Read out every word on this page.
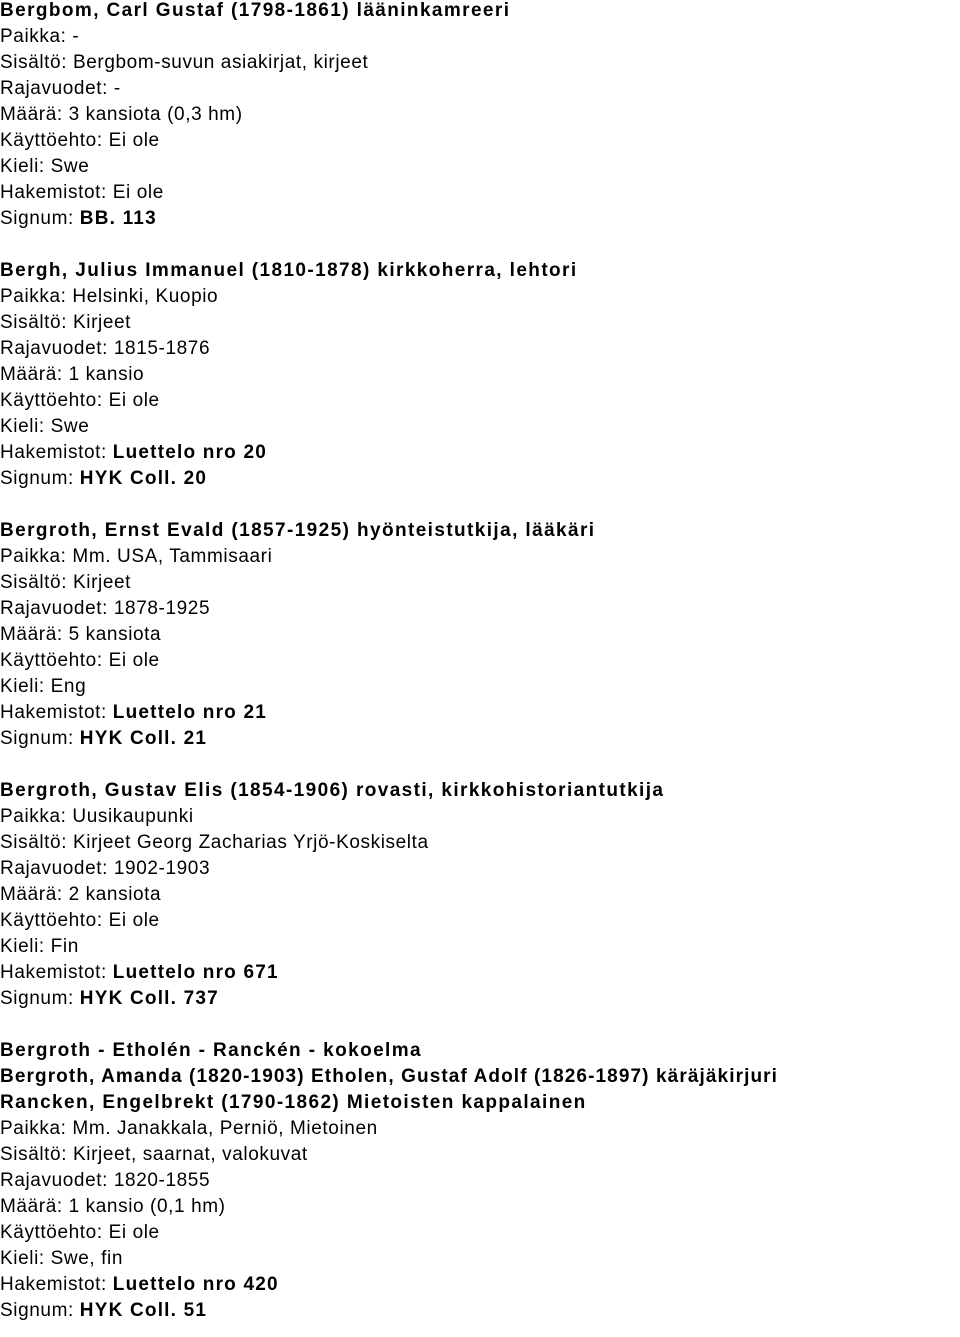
Bergbom, Carl Gustaf (1798-1861) lääninkamreeri
Paikka: -
Sisältö: Bergbom-suvun asiakirjat, kirjeet
Rajavuodet: -
Määrä: 3 kansiota (0,3 hm)
Käyttöehto: Ei ole
Kieli: Swe
Hakemistot: Ei ole
Signum: BB. 113
Bergh, Julius Immanuel (1810-1878) kirkkoherra, lehtori
Paikka: Helsinki, Kuopio
Sisältö: Kirjeet
Rajavuodet: 1815-1876
Määrä: 1 kansio
Käyttöehto: Ei ole
Kieli: Swe
Hakemistot: Luettelo nro 20
Signum: HYK Coll. 20
Bergroth, Ernst Evald (1857-1925) hyönteistutkija, lääkäri
Paikka: Mm. USA, Tammisaari
Sisältö: Kirjeet
Rajavuodet: 1878-1925
Määrä: 5 kansiota
Käyttöehto: Ei ole
Kieli: Eng
Hakemistot: Luettelo nro 21
Signum: HYK Coll. 21
Bergroth, Gustav Elis (1854-1906) rovasti, kirkkohistoriantutkija
Paikka: Uusikaupunki
Sisältö: Kirjeet Georg Zacharias Yrjö-Koskiselta
Rajavuodet: 1902-1903
Määrä: 2 kansiota
Käyttöehto: Ei ole
Kieli: Fin
Hakemistot: Luettelo nro 671
Signum: HYK Coll. 737
Bergroth - Etholén - Ranckén - kokoelma
Bergroth, Amanda (1820-1903) Etholen, Gustaf Adolf (1826-1897) käräjäkirjuri
Rancken, Engelbrekt (1790-1862) Mietoisten kappalainen
Paikka: Mm. Janakkala, Perniö, Mietoinen
Sisältö: Kirjeet, saarnat, valokuvat
Rajavuodet: 1820-1855
Määrä: 1 kansio (0,1 hm)
Käyttöehto: Ei ole
Kieli: Swe, fin
Hakemistot: Luettelo nro 420
Signum: HYK Coll. 51
